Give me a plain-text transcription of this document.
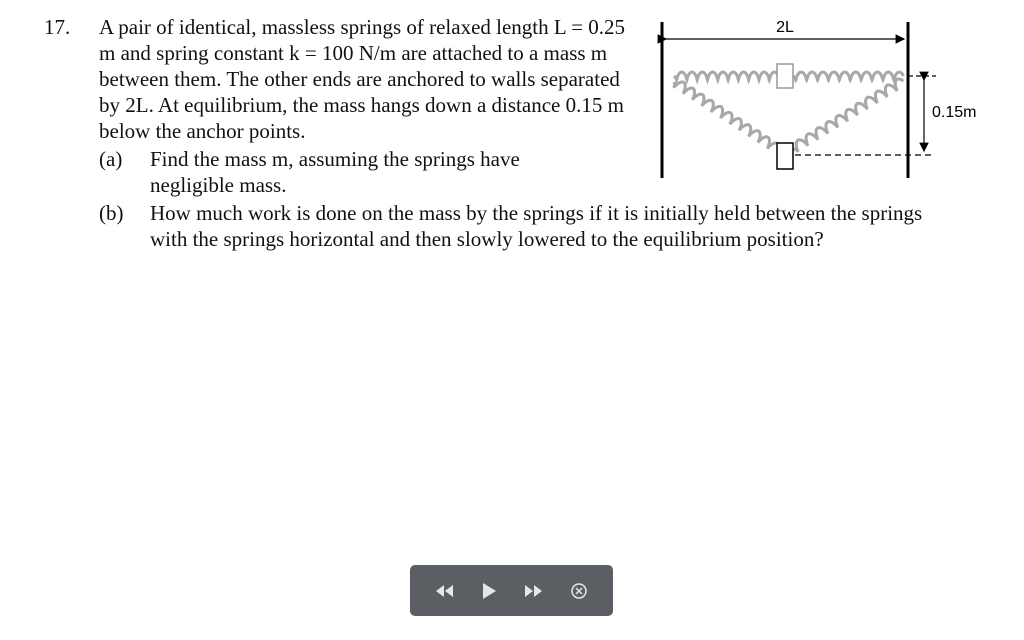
17. A pair of identical, massless springs of relaxed length L = 0.25 m and spring constant k = 100 N/m are attached to a mass m between them. The other ends are anchored to walls separated by 2L. At equilibrium, the mass hangs down a distance 0.15 m below the anchor points.

(a) Find the mass m, assuming the springs have negligible mass.
(b) How much work is done on the mass by the springs if it is initially held between the springs with the springs horizontal and then slowly lowered to the equilibrium position?
2L
0.15m
